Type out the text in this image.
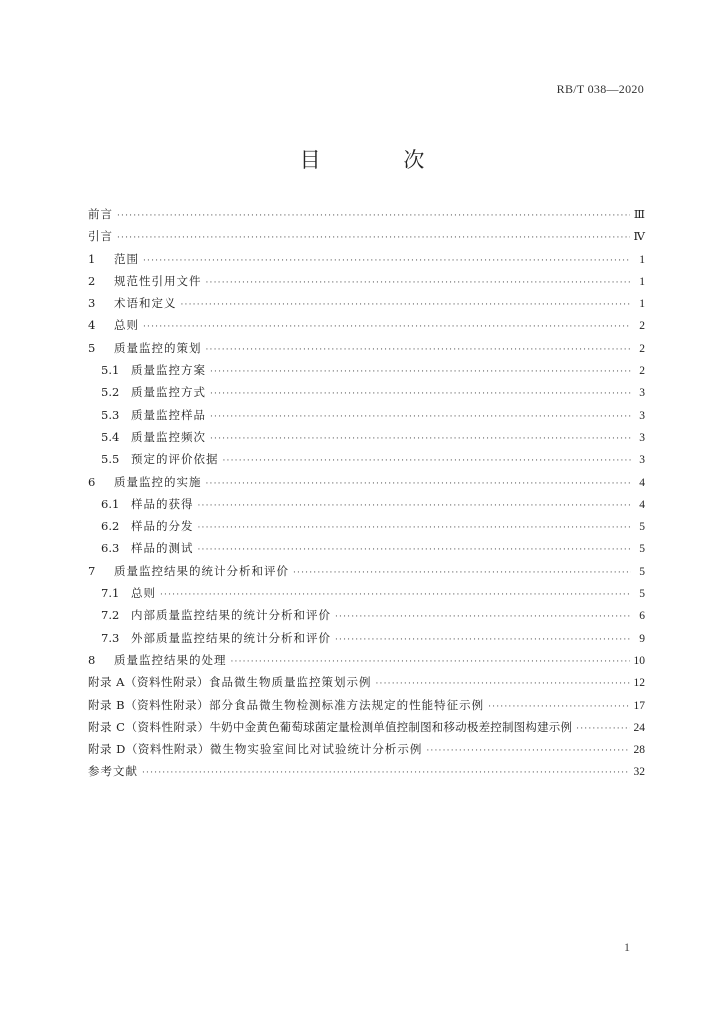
RB/T 038—2020
目 次
前言 ·····	Ⅲ
引言 ·····	Ⅳ
1	范围 ·····	1
2	规范性引用文件 ·····	1
3	术语和定义 ·····	1
4	总则 ·····	2
5	质量监控的策划 ·····	2
5.1 质量监控方案 ·····	2
5.2 质量监控方式 ·····	3
5.3 质量监控样品 ·····	3
5.4 质量监控频次 ·····	3
5.5 预定的评价依据 ·····	3
6	质量监控的实施 ·····	4
6.1 样品的获得 ·····	4
6.2 样品的分发 ·····	5
6.3 样品的测试 ·····	5
7	质量监控结果的统计分析和评价 ·····	5
7.1 总则 ·····	5
7.2 内部质量监控结果的统计分析和评价 ·····	6
7.3 外部质量监控结果的统计分析和评价 ·····	9
8	质量监控结果的处理 ·····	10
附录 A（资料性附录） 食品微生物质量监控策划示例 ·····	12
附录 B（资料性附录） 部分食品微生物检测标准方法规定的性能特征示例 ·····	17
附录 C（资料性附录） 牛奶中金黄色葡萄球菌定量检测单值控制图和移动极差控制图构建示例 ·····	24
附录 D（资料性附录） 微生物实验室间比对试验统计分析示例 ·····	28
参考文献 ·····	32
1
